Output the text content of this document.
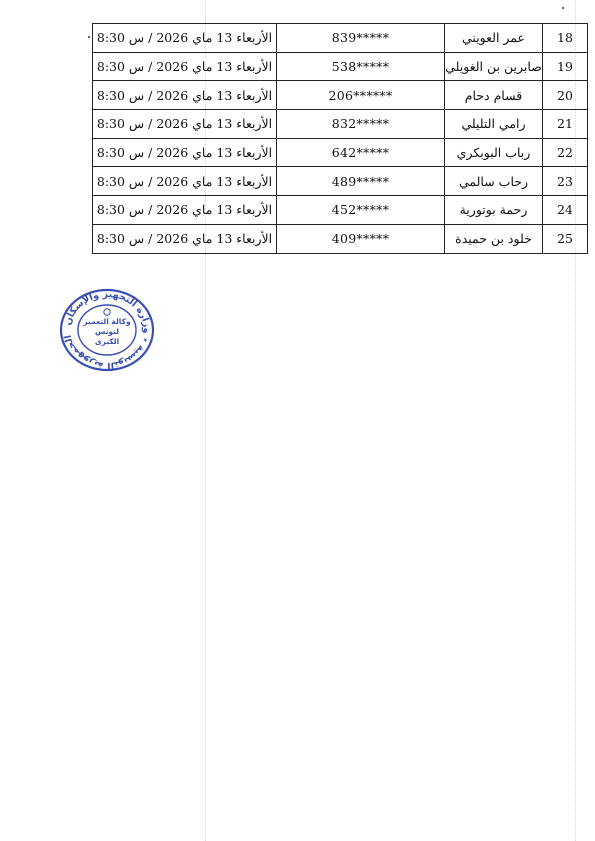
الأربعاء 13 ماي 2026 / س 8:30	839*****	عمر العويني	18
الأربعاء 13 ماي 2026 / س 8:30	538*****	صابرين بن الغويلي	19
الأربعاء 13 ماي 2026 / س 8:30	206******	قسام دحام	20
الأربعاء 13 ماي 2026 / س 8:30	832*****	رامي التليلي	21
الأربعاء 13 ماي 2026 / س 8:30	642*****	رباب البوبكري	22
الأربعاء 13 ماي 2026 / س 8:30	489*****	رحاب سالمي	23
الأربعاء 13 ماي 2026 / س 8:30	452*****	رحمة بوتورية	24
الأربعاء 13 ماي 2026 / س 8:30	409*****	خلود بن حميدة	25
الجمهورية التونسية ٭ وزارة التجهيز والإسكان
وكالة التعمير
لتونس
الكبرى
